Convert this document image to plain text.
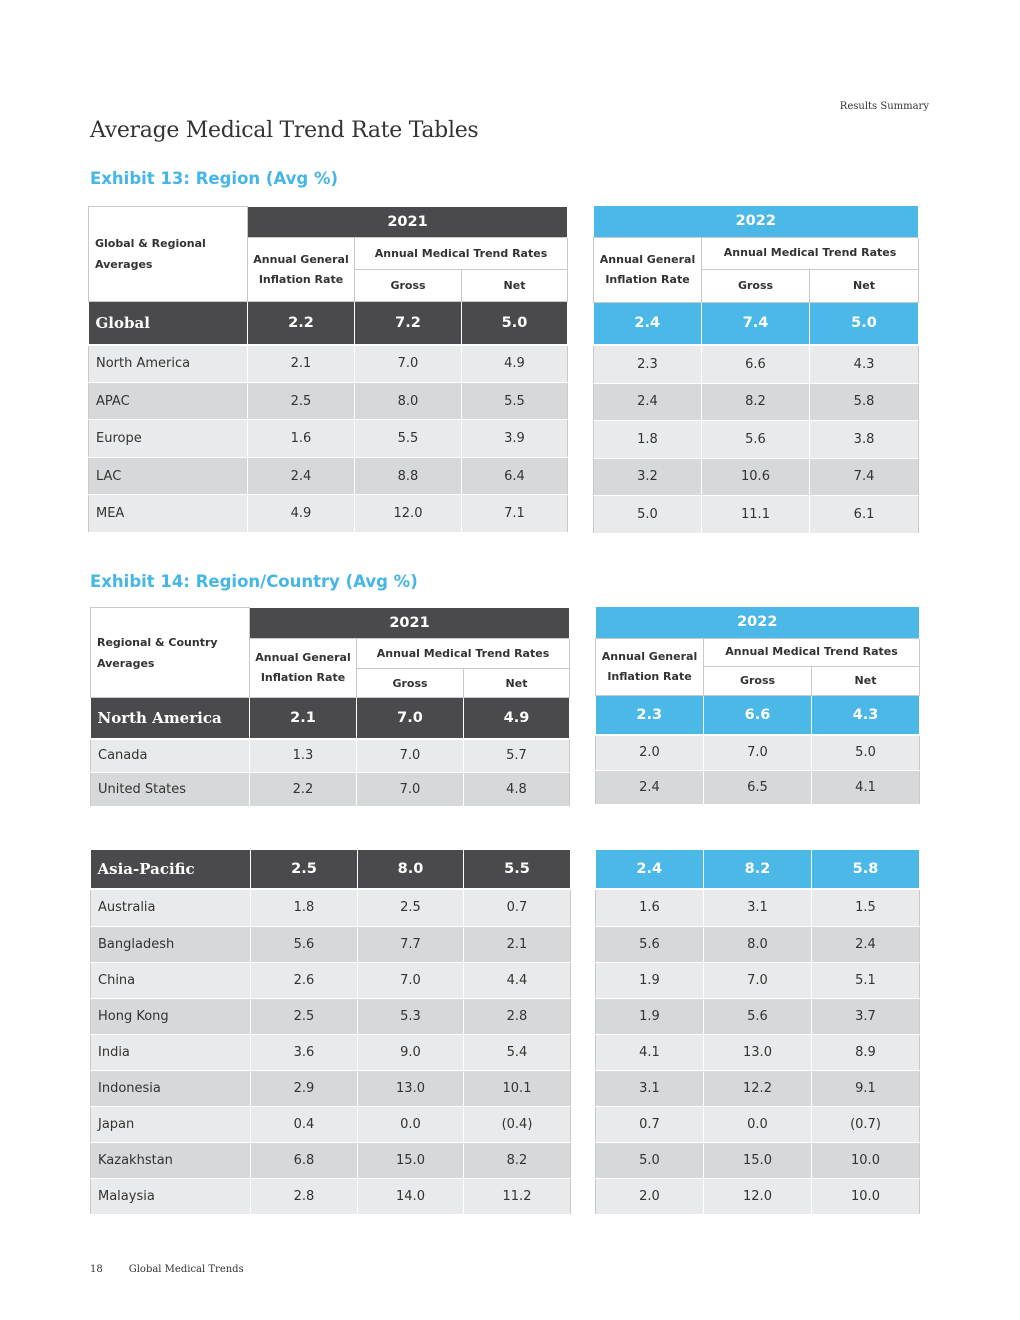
Results Summary
Average Medical Trend Rate Tables
Exhibit 13: Region (Avg %)
Global & Regional Averages	2021		
	Annual General Inflation Rate	Annual Medical Trend Rates	
		Gross	Net
Global	2.2	7.2	5.0
North America	2.1	7.0	4.9
APAC	2.5	8.0	5.5
Europe	1.6	5.5	3.9
LAC	2.4	8.8	6.4
MEA	4.9	12.0	7.1
2022		
Annual General Inflation Rate	Annual Medical Trend Rates	
	Gross	Net
2.4	7.4	5.0
2.3	6.6	4.3
2.4	8.2	5.8
1.8	5.6	3.8
3.2	10.6	7.4
5.0	11.1	6.1
Exhibit 14: Region/Country (Avg %)
Regional & Country Averages	2021		
	Annual General Inflation Rate	Annual Medical Trend Rates	
		Gross	Net
North America	2.1	7.0	4.9
Canada	1.3	7.0	5.7
United States	2.2	7.0	4.8
2022		
Annual General Inflation Rate	Annual Medical Trend Rates	
	Gross	Net
2.3	6.6	4.3
2.0	7.0	5.0
2.4	6.5	4.1
Asia-Pacific	2.5	8.0	5.5
Australia	1.8	2.5	0.7
Bangladesh	5.6	7.7	2.1
China	2.6	7.0	4.4
Hong Kong	2.5	5.3	2.8
India	3.6	9.0	5.4
Indonesia	2.9	13.0	10.1
Japan	0.4	0.0	(0.4)
Kazakhstan	6.8	15.0	8.2
Malaysia	2.8	14.0	11.2
2.4	8.2	5.8
1.6	3.1	1.5
5.6	8.0	2.4
1.9	7.0	5.1
1.9	5.6	3.7
4.1	13.0	8.9
3.1	12.2	9.1
0.7	0.0	(0.7)
5.0	15.0	10.0
2.0	12.0	10.0
18	Global Medical Trends
